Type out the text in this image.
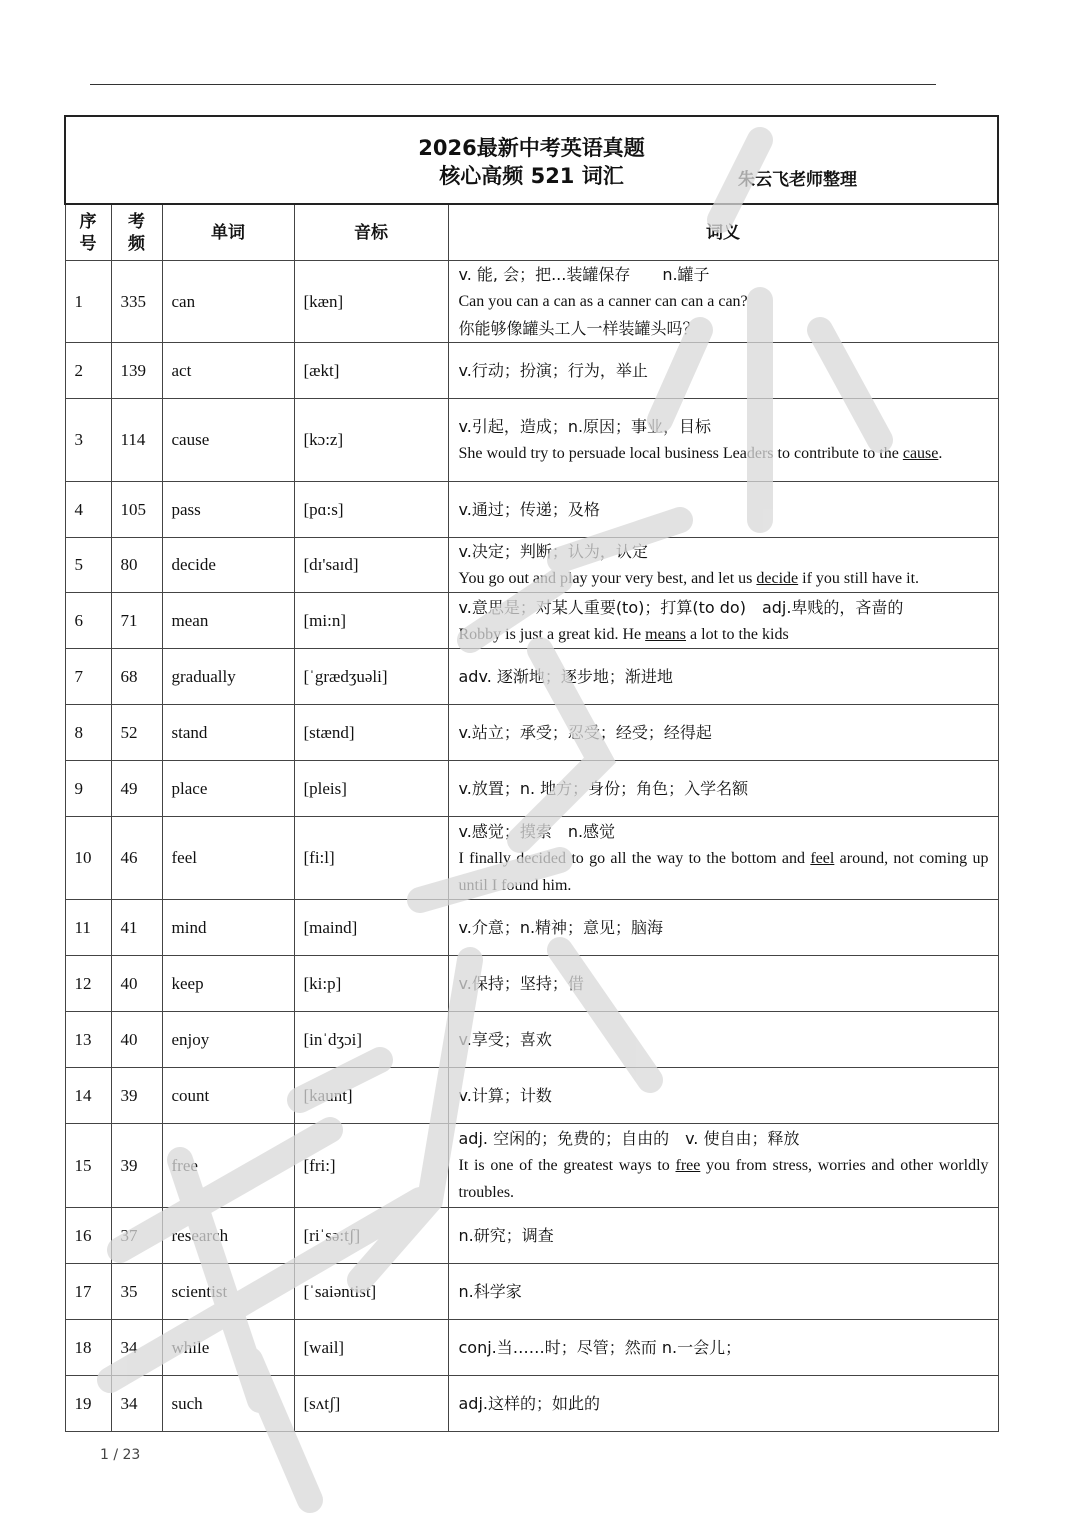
2026最新中考英语真题
核心高频 521 词汇 朱云飞老师整理				

序
号	考
频	单词	音标	词义
1	335	can	[kæn]	v. 能, 会；把...装罐保存　　n.罐子
Can you can a can as a canner can can a can?
你能够像罐头工人一样装罐头吗？

2	139	act	[ækt]	v.行动；扮演；行为，举止

3	114	cause	[kɔ:z]	v.引起，造成；n.原因；事业，目标
She would try to persuade local business Leaders to contribute to the cause.

4	105	pass	[pɑ:s]	v.通过；传递；及格

5	80	decide	[dɪ'saɪd]	v.决定；判断；认为，认定
You go out and play your very best, and let us decide if you still have it.

6	71	mean	[mi:n]	v.意思是；对某人重要(to)；打算(to do)　adj.卑贱的，吝啬的
Robby is just a great kid. He means a lot to the kids

7	68	gradually	[ˈgrædʒuəli]	adv. 逐渐地；逐步地；渐进地

8	52	stand	[stænd]	v.站立；承受；忍受；经受；经得起

9	49	place	[pleis]	v.放置；n. 地方；身份；角色；入学名额

10	46	feel	[fi:l]	v.感觉；摸索　n.感觉
I finally decided to go all the way to the bottom and feel around, not coming up until I found him.

11	41	mind	[maind]	v.介意；n.精神；意见；脑海

12	40	keep	[ki:p]	v.保持；坚持；借

13	40	enjoy	[inˈdʒɔi]	v.享受；喜欢

14	39	count	[kaunt]	v.计算；计数

15	39	free	[fri:]	adj. 空闲的；免费的；自由的　v. 使自由；释放
It is one of the greatest ways to free you from stress, worries and other worldly troubles.

16	37	research	[riˈsə:tʃ]	n.研究；调查

17	35	scientist	[ˈsaiəntist]	n.科学家

18	34	while	[wail]	conj.当……时；尽管；然而 n.一会儿；

19	34	such	[sʌtʃ]	adj.这样的；如此的
1 / 23
